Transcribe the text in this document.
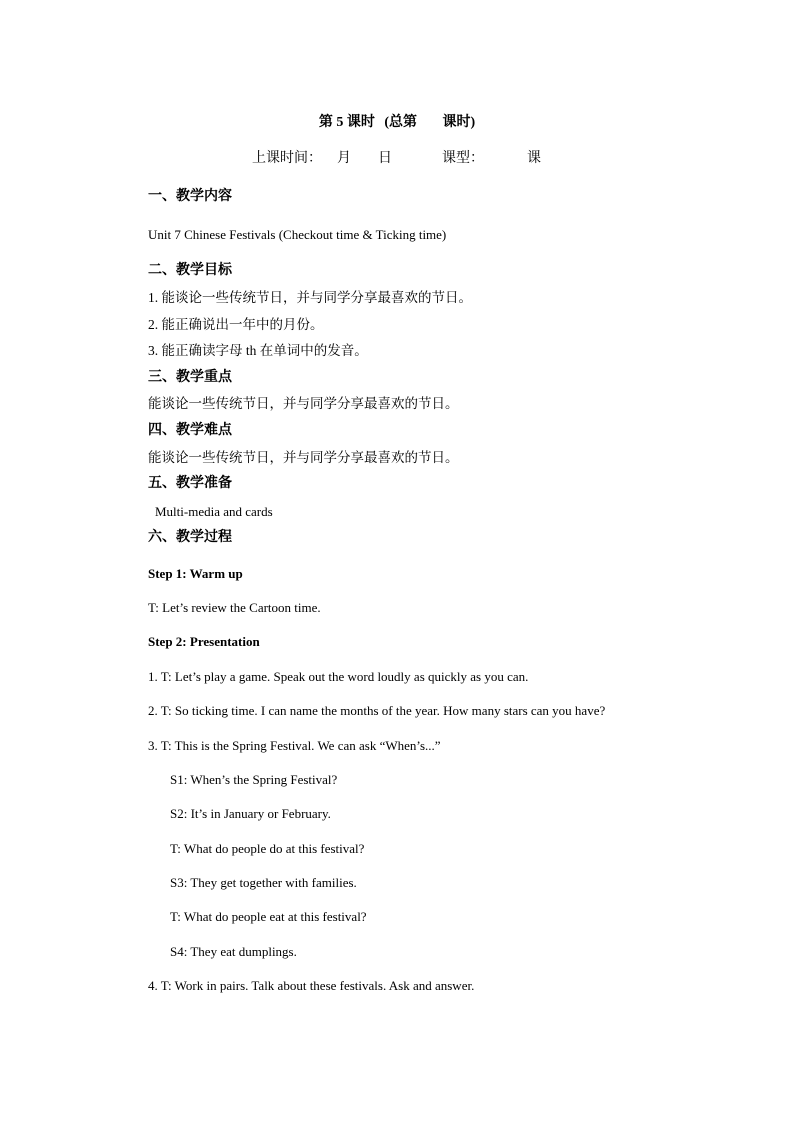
第 5 课时 (总第 课时)
上课时间： 月 日	课型：	课
一、教学内容
Unit 7 Chinese Festivals (Checkout time & Ticking time)
二、教学目标
1. 能谈论一些传统节日，并与同学分享最喜欢的节日。
2. 能正确说出一年中的月份。
3. 能正确读字母 th 在单词中的发音。
三、教学重点
能谈论一些传统节日，并与同学分享最喜欢的节日。
四、教学难点
能谈论一些传统节日，并与同学分享最喜欢的节日。
五、教学准备
Multi-media and cards
六、教学过程
Step 1: Warm up
T: Let’s review the Cartoon time.
Step 2: Presentation
1. T: Let’s play a game. Speak out the word loudly as quickly as you can.
2. T: So ticking time. I can name the months of the year. How many stars can you have?
3. T: This is the Spring Festival. We can ask “When’s...”
S1: When’s the Spring Festival?
S2: It’s in January or February.
T: What do people do at this festival?
S3: They get together with families.
T: What do people eat at this festival?
S4: They eat dumplings.
4. T: Work in pairs. Talk about these festivals. Ask and answer.
